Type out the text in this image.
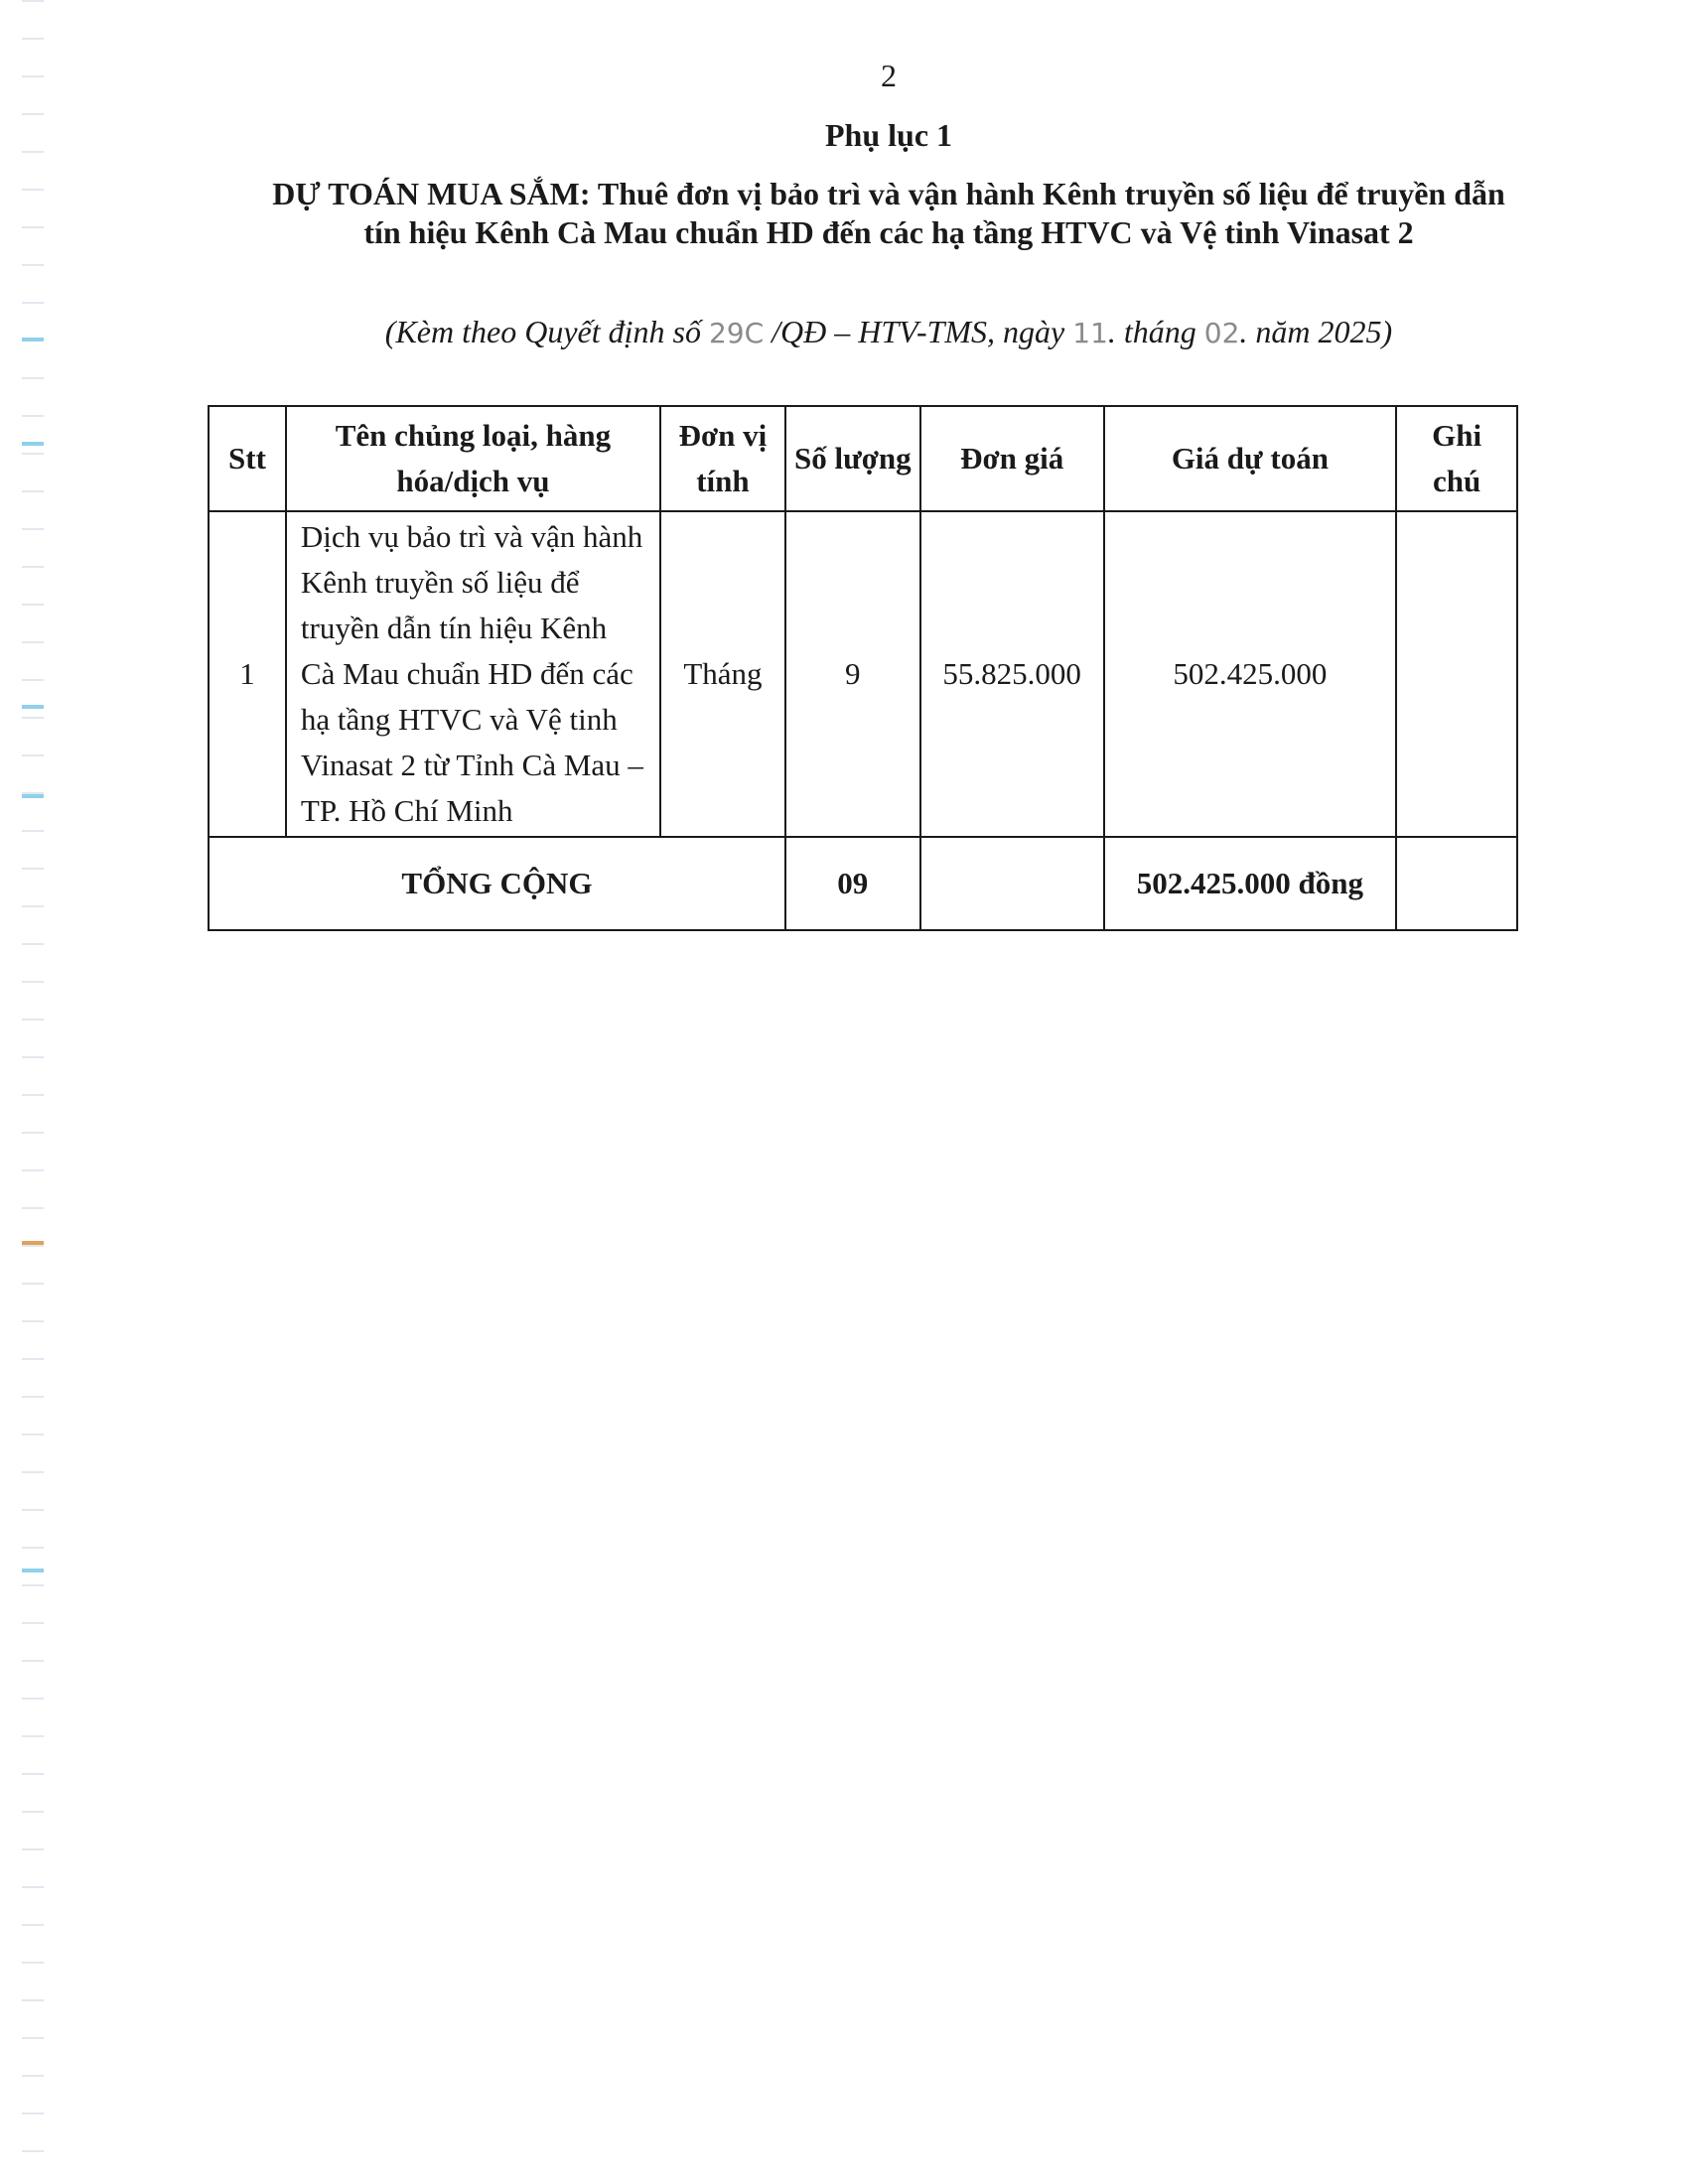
2
Phụ lục 1
DỰ TOÁN MUA SẮM: Thuê đơn vị bảo trì và vận hành Kênh truyền số liệu để truyền dẫn tín hiệu Kênh Cà Mau chuẩn HD đến các hạ tầng HTVC và Vệ tinh Vinasat 2
(Kèm theo Quyết định số 29C /QĐ – HTV-TMS, ngày 11. tháng 02. năm 2025)
Stt	Tên chủng loại, hàng hóa/dịch vụ	Đơn vị tính	Số lượng	Đơn giá	Giá dự toán	Ghi chú
1	Dịch vụ bảo trì và vận hành Kênh truyền số liệu để truyền dẫn tín hiệu Kênh Cà Mau chuẩn HD đến các hạ tầng HTVC và Vệ tinh Vinasat 2 từ Tỉnh Cà Mau – TP. Hồ Chí Minh	Tháng	9	55.825.000	502.425.000	
TỔNG CỘNG			09		502.425.000 đồng	
